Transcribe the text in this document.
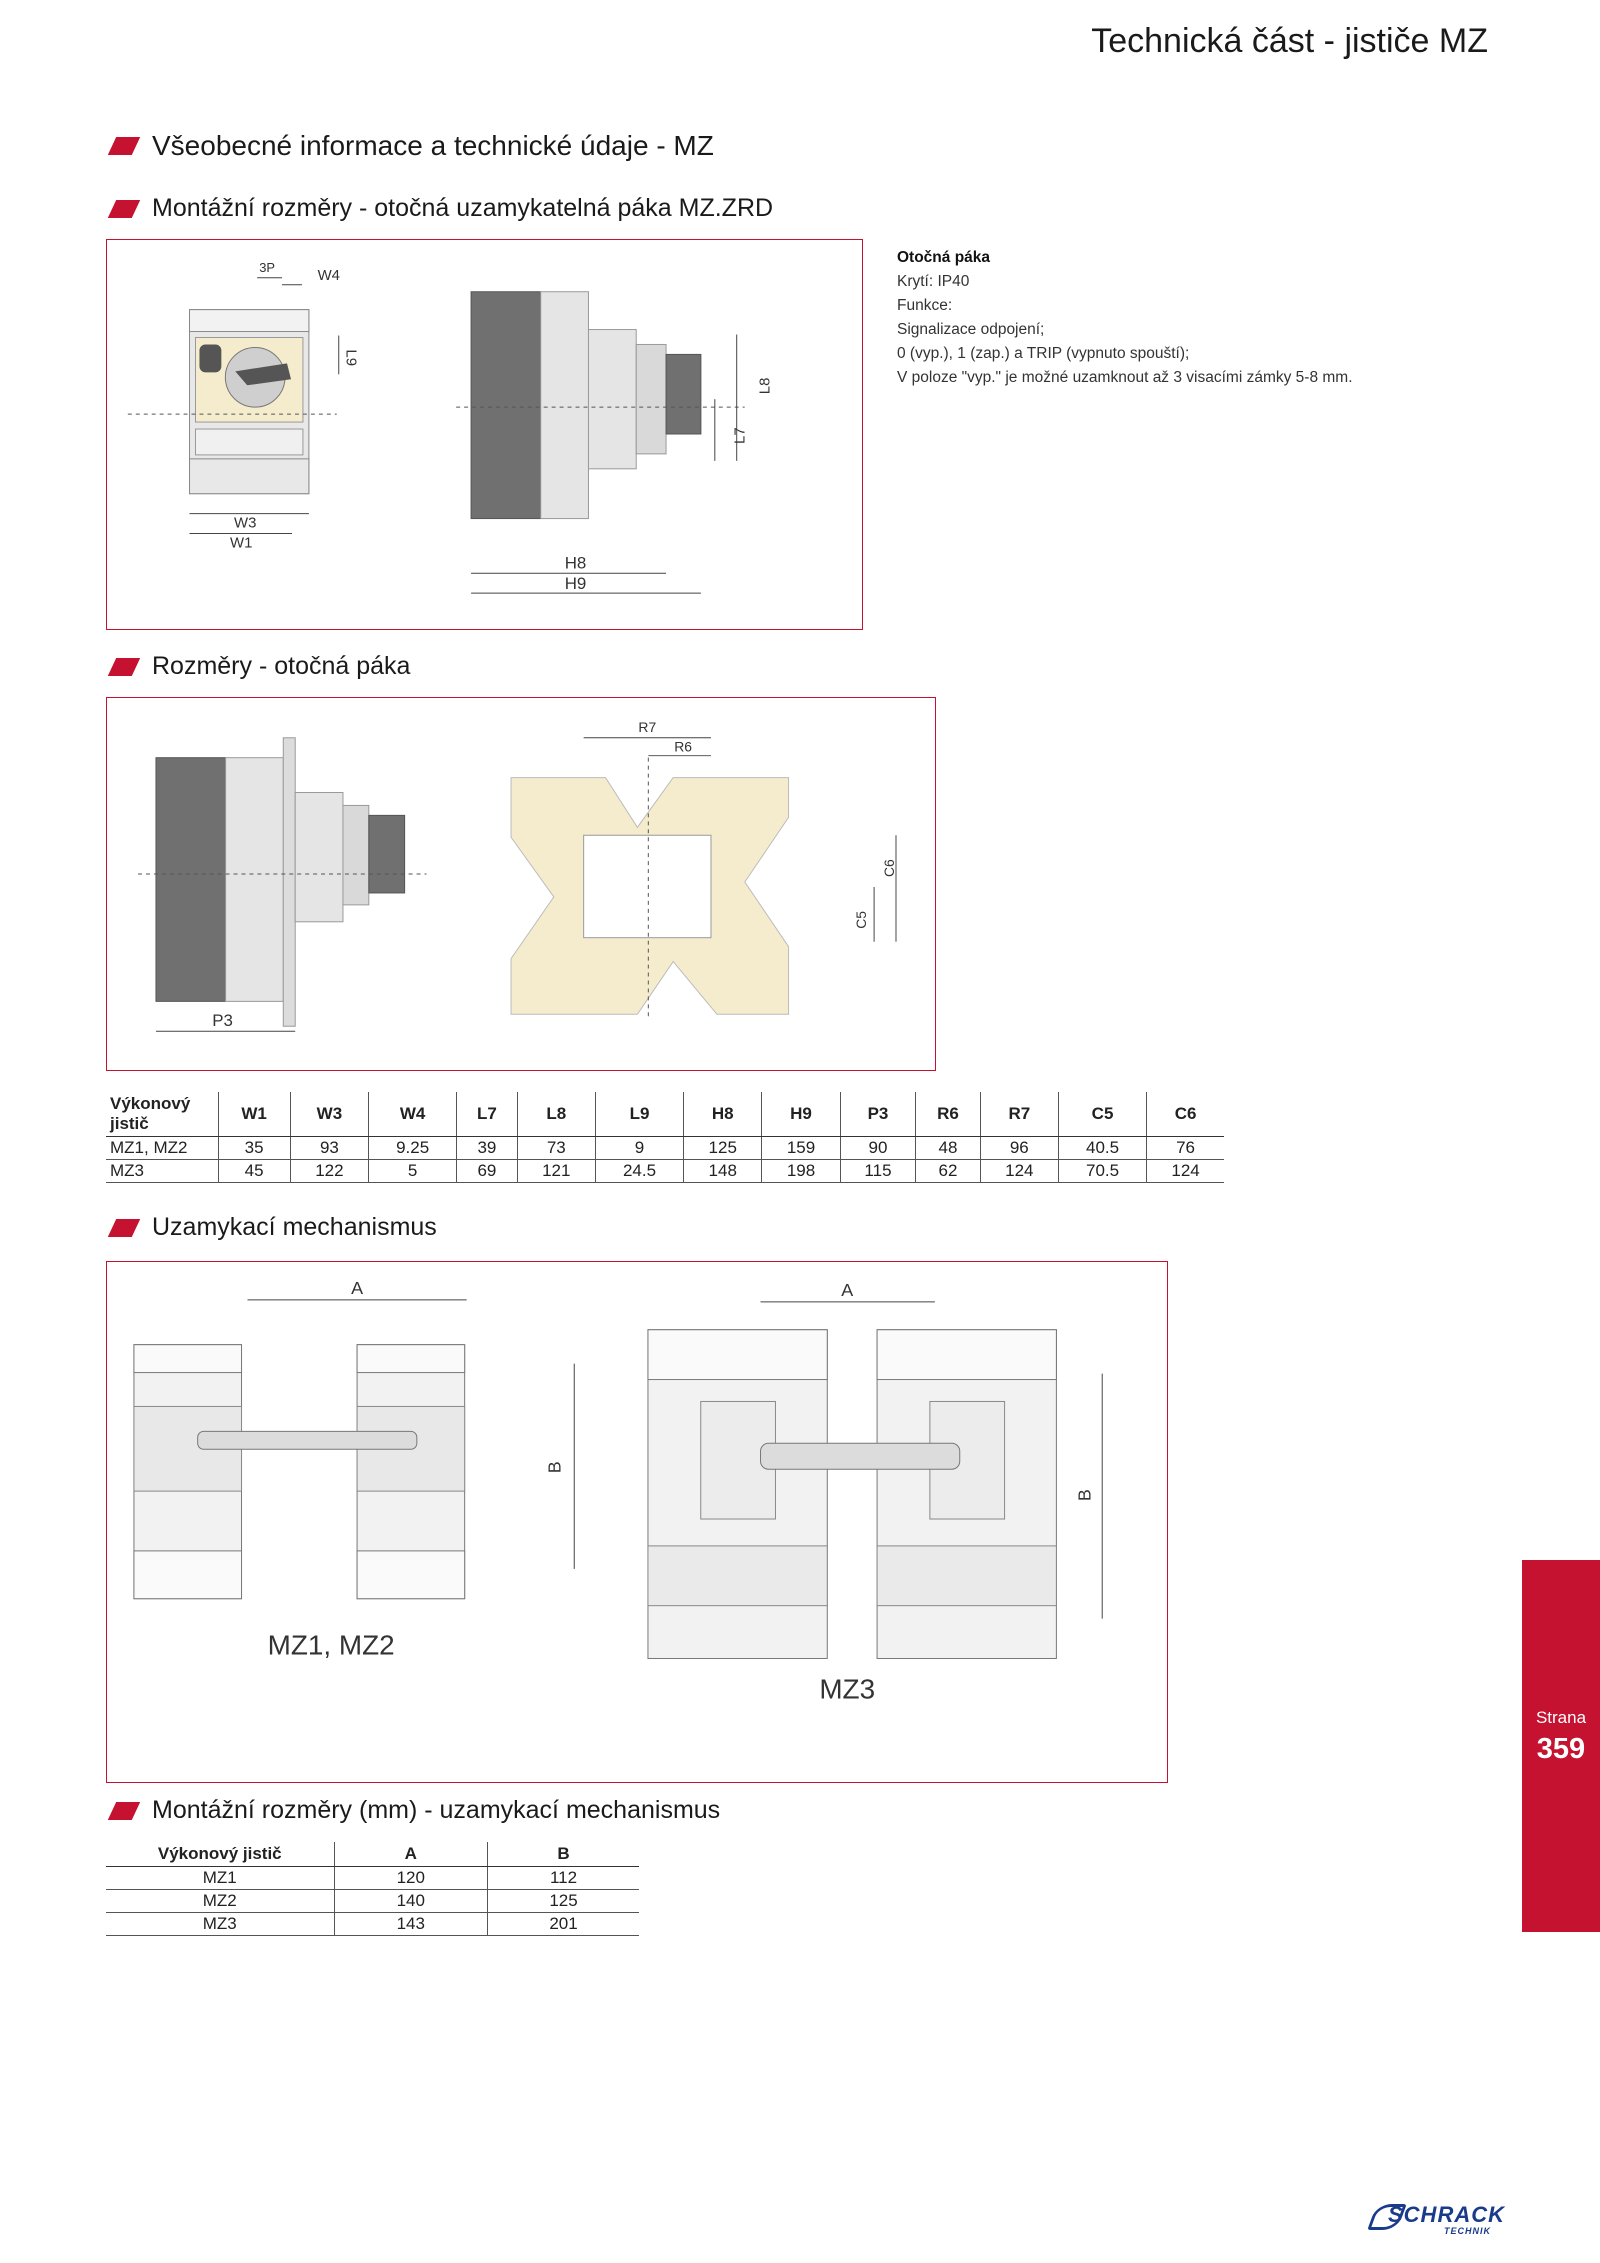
Technická část - jističe MZ
Všeobecné informace a technické údaje - MZ
Montážní rozměry - otočná uzamykatelná páka MZ.ZRD
W3
W1
3P	W4
L9
L8
L7
H8
H9
Otočná páka
Krytí: IP40
Funkce:
Signalizace odpojení;
0 (vyp.), 1 (zap.) a TRIP (vypnuto spouští);
V poloze "vyp." je možné uzamknout až 3 visacími zámky 5-8 mm.
Rozměry - otočná páka
P3
R7
R6
C6
C5
Výkonový jistič	W1	W3	W4	L7	L8	L9	H8	H9	P3	R6	R7	C5	C6
MZ1, MZ2	35	93	9.25	39	73	9	125	159	90	48	96	40.5	76
MZ3	45	122	5	69	121	24.5	148	198	115	62	124	70.5	124
Uzamykací mechanismus
A
B
MZ1, MZ2
A
B
MZ3
Montážní rozměry (mm) - uzamykací mechanismus
Výkonový jistič	A	B
MZ1	120	112
MZ2	140	125
MZ3	143	201
Strana
359
SCHRACK
TECHNIK
